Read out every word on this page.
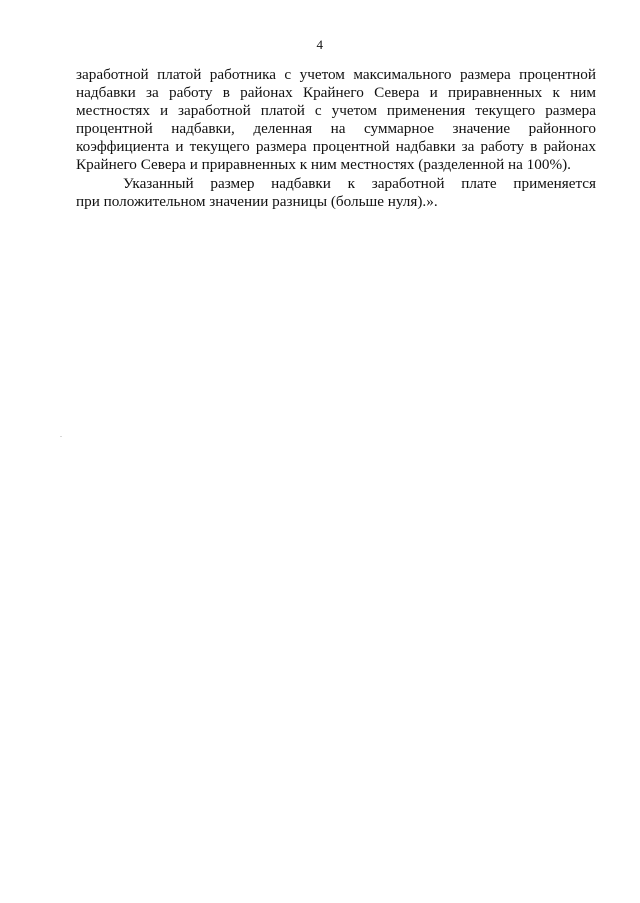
4
заработной платой работника с учетом максимального размера процентной
надбавки за работу в районах Крайнего Севера и приравненных к ним
местностях и заработной платой с учетом применения текущего размера
процентной надбавки, деленная на суммарное значение районного
коэффициента и текущего размера процентной надбавки за работу в районах
Крайнего Севера и приравненных к ним местностях (разделенной на 100%).
Указанный размер надбавки к заработной плате применяется
при положительном значении разницы (больше нуля).».
